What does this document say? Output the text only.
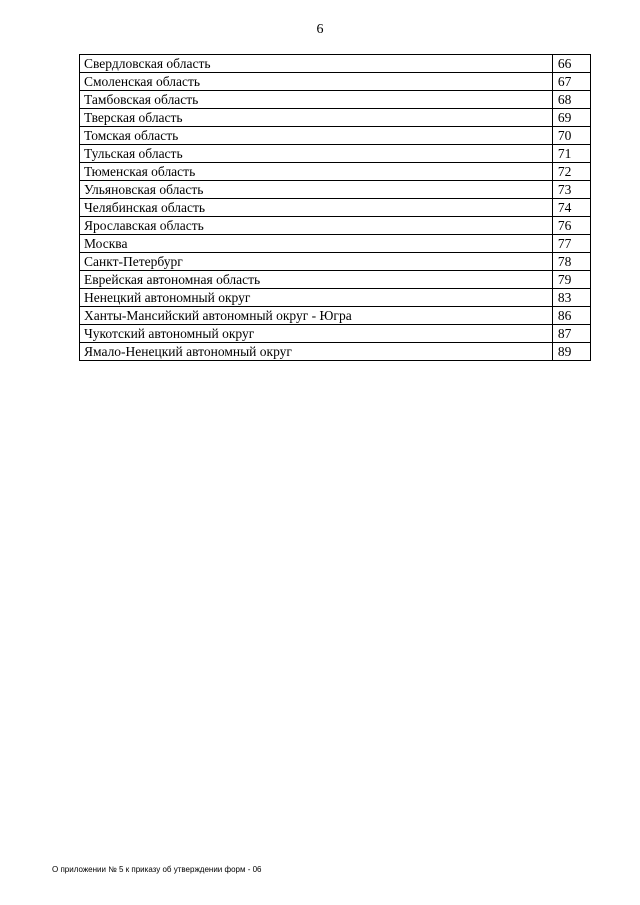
6
Свердловская область	66
Смоленская область	67
Тамбовская область	68
Тверская область	69
Томская область	70
Тульская область	71
Тюменская область	72
Ульяновская область	73
Челябинская область	74
Ярославская область	76
Москва	77
Санкт-Петербург	78
Еврейская автономная область	79
Ненецкий автономный округ	83
Ханты-Мансийский автономный округ - Югра	86
Чукотский автономный округ	87
Ямало-Ненецкий автономный округ	89
О приложении № 5 к приказу об утверждении форм - 06
